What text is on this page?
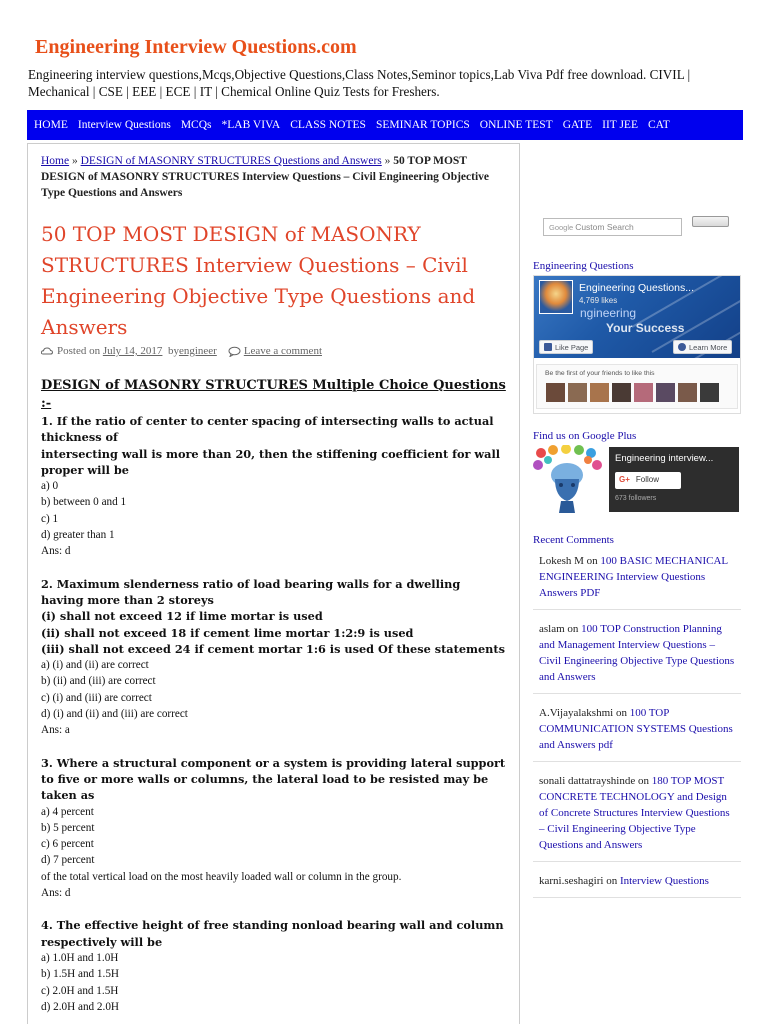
Engineering Interview Questions.com
Engineering interview questions,Mcqs,Objective Questions,Class Notes,Seminor topics,Lab Viva Pdf free download. CIVIL | Mechanical | CSE | EEE | ECE | IT | Chemical Online Quiz Tests for Freshers.
HOME Interview Questions MCQs *LAB VIVA CLASS NOTES SEMINAR TOPICS ONLINE TEST GATE IIT JEE CAT
Home » DESIGN of MASONRY STRUCTURES Questions and Answers » 50 TOP MOST DESIGN of MASONRY STRUCTURES Interview Questions – Civil Engineering Objective Type Questions and Answers
50 TOP MOST DESIGN of MASONRY STRUCTURES Interview Questions – Civil Engineering Objective Type Questions and Answers
Posted on
July 14, 2017
by engineer
Leave a comment
DESIGN of MASONRY STRUCTURES Multiple Choice Questions :-
1. If the ratio of center to center spacing of intersecting walls to actual thickness of
intersecting wall is more than 20, then the stiffening coefficient for wall proper will be
a) 0
b) between 0 and 1
c) 1
d) greater than 1
Ans: d
2. Maximum slenderness ratio of load bearing walls for a dwelling having more than 2 storeys
(i) shall not exceed 12 if lime mortar is used
(ii) shall not exceed 18 if cement lime mortar 1:2:9 is used
(iii) shall not exceed 24 if cement mortar 1:6 is used Of these statements
a) (i) and (ii) are correct
b) (ii) and (iii) are correct
c) (i) and (iii) are correct
d) (i) and (ii) and (iii) are correct
Ans: a
3. Where a structural component or a system is providing lateral support to five or more walls or columns, the lateral load to be resisted may be taken as
a) 4 percent
b) 5 percent
c) 6 percent
d) 7 percent
of the total vertical load on the most heavily loaded wall or column in the group.
Ans: d
4. The effective height of free standing nonload bearing wall and column respectively will be
a) 1.0H and 1.0H
b) 1.5H and 1.5H
c) 2.0H and 1.5H
d) 2.0H and 2.0H
Google Custom Search
Engineering Questions
Engineering Questions...
4,769 likes
ngineering
Your Success
Like Page	Learn More
Be the first of your friends to like this
Find us on Google Plus
Engineering interview...
G+ Follow
673 followers
Recent Comments
Lokesh M on 100 BASIC MECHANICAL ENGINEERING Interview Questions Answers PDF
aslam on 100 TOP Construction Planning and Management Interview Questions – Civil Engineering Objective Type Questions and Answers
A.Vijayalakshmi on 100 TOP COMMUNICATION SYSTEMS Questions and Answers pdf
sonali dattatrayshinde on 180 TOP MOST CONCRETE TECHNOLOGY and Design of Concrete Structures Interview Questions – Civil Engineering Objective Type Questions and Answers
karni.seshagiri on Interview Questions
